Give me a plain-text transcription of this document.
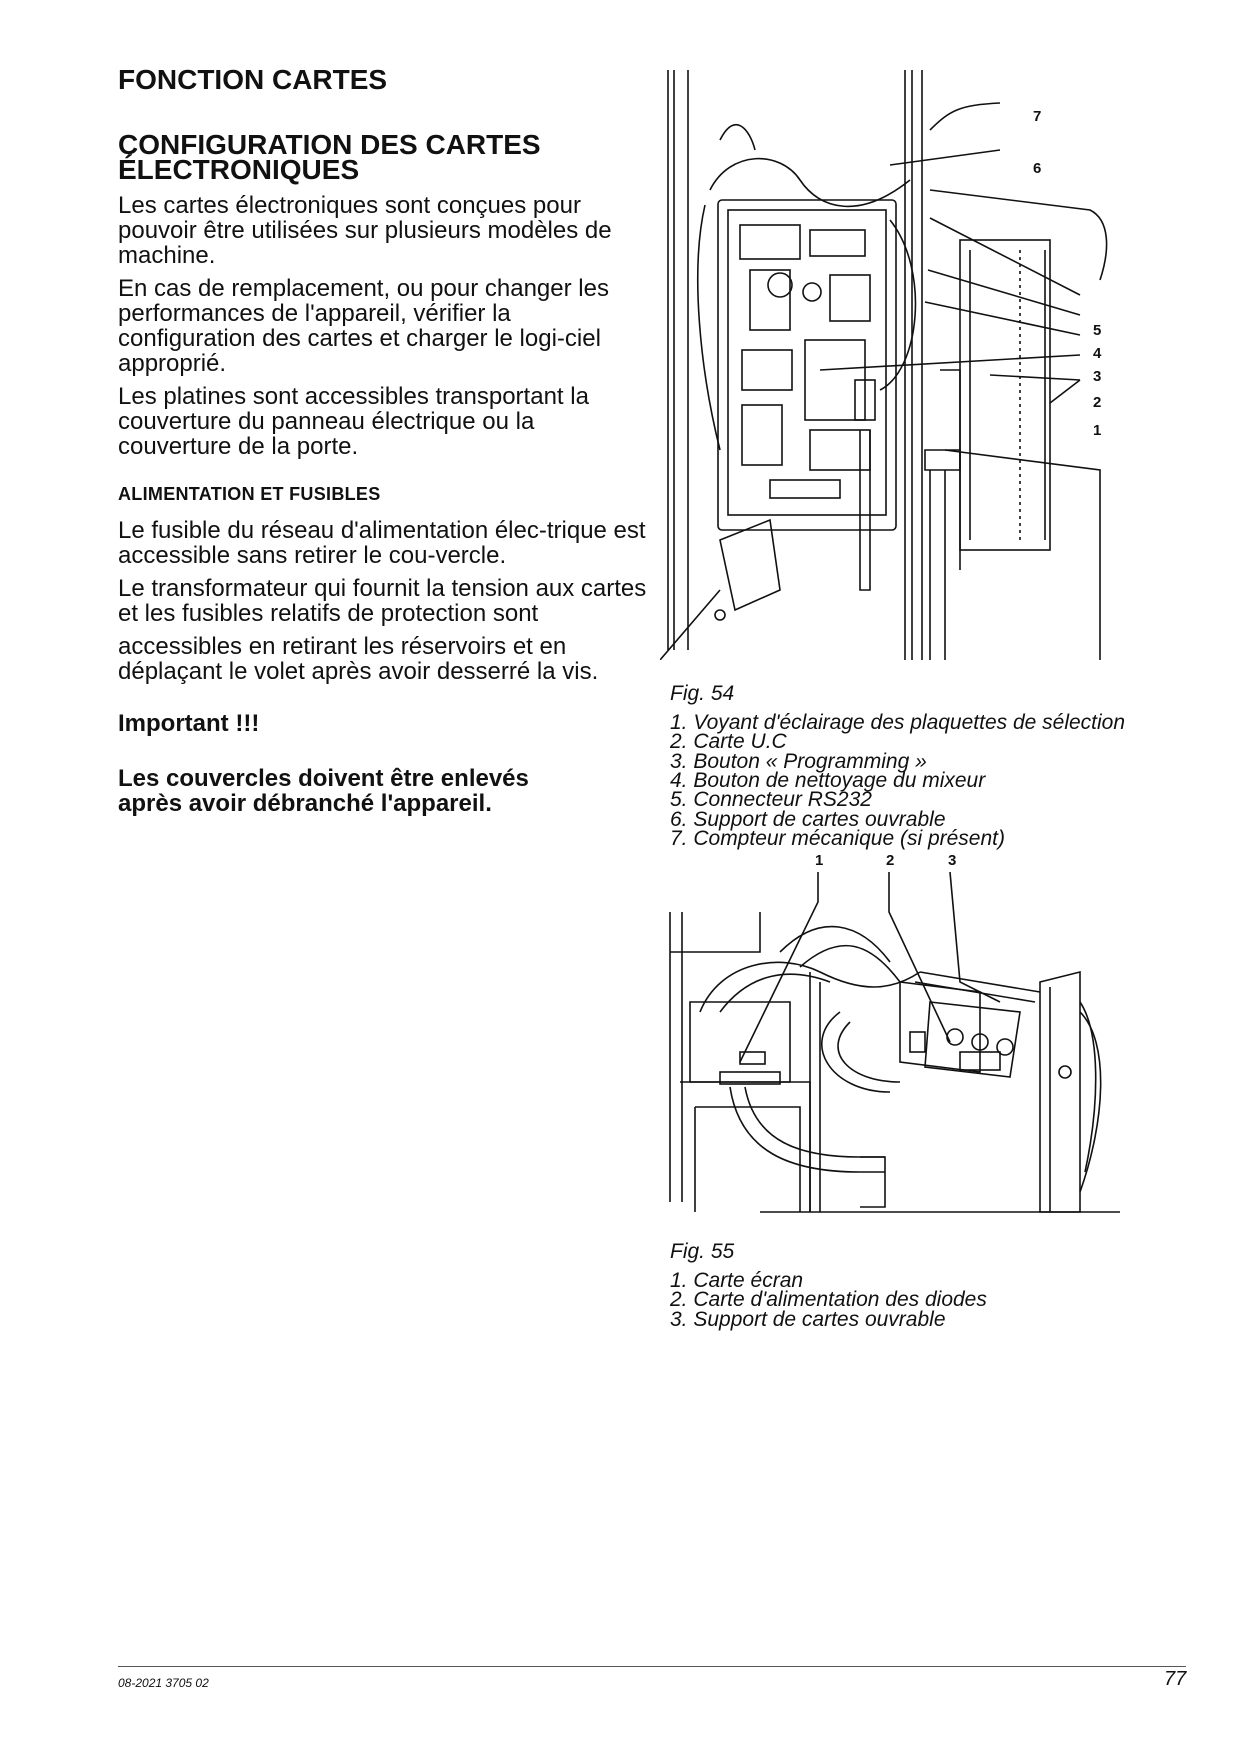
FONCTION CARTES
CONFIGURATION DES CARTES
ÉLECTRONIQUES

Les cartes électroniques sont conçues pour pouvoir être utilisées sur plusieurs modèles de machine.

En cas de remplacement, ou pour changer les performances de l'appareil, vérifier la configuration des cartes et charger le logi-ciel approprié.

Les platines sont accessibles transportant la couverture du panneau électrique ou la couverture de la porte.

ALIMENTATION ET FUSIBLES

Le fusible du réseau d'alimentation élec-trique est accessible sans retirer le cou-vercle.

Le transformateur qui fournit la tension aux cartes et les fusibles relatifs de protection sont

accessibles en retirant les réservoirs et en déplaçant le volet après avoir desserré la vis.

Important !!!

Les couvercles doivent être enlevés
après avoir débranché l'appareil.

7
6
5
4
3
2
1
Fig. 54
1. Voyant d'éclairage des plaquettes de sélection
2. Carte U.C
3. Bouton « Programming »
4. Bouton de nettoyage du mixeur
5. Connecteur RS232
6. Support de cartes ouvrable
7. Compteur mécanique (si présent)
1	2	3
Fig. 55
1. Carte écran
2. Carte d'alimentation des diodes
3. Support de cartes ouvrable
08-2021 3705 02	77
